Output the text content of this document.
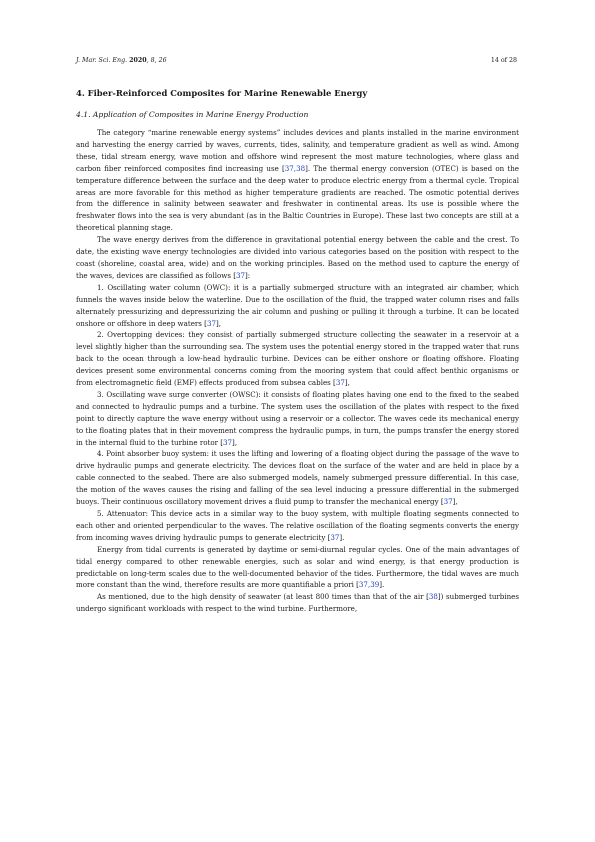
J. Mar. Sci. Eng. 2020, 8, 26	14 of 28
4. Fiber-Reinforced Composites for Marine Renewable Energy
4.1. Application of Composites in Marine Energy Production

The category “marine renewable energy systems” includes devices and plants installed in the marine environment and harvesting the energy carried by waves, currents, tides, salinity, and temperature gradient as well as wind. Among these, tidal stream energy, wave motion and offshore wind represent the most mature technologies, where glass and carbon fiber reinforced composites find increasing use [37,38]. The thermal energy conversion (OTEC) is based on the temperature difference between the surface and the deep water to produce electric energy from a thermal cycle. Tropical areas are more favorable for this method as higher temperature gradients are reached. The osmotic potential derives from the difference in salinity between seawater and freshwater in continental areas. Its use is possible where the freshwater flows into the sea is very abundant (as in the Baltic Countries in Europe). These last two concepts are still at a theoretical planning stage.

The wave energy derives from the difference in gravitational potential energy between the cable and the crest. To date, the existing wave energy technologies are divided into various categories based on the position with respect to the coast (shoreline, coastal area, wide) and on the working principles. Based on the method used to capture the energy of the waves, devices are classified as follows [37]:

1. Oscillating water column (OWC): it is a partially submerged structure with an integrated air chamber, which funnels the waves inside below the waterline. Due to the oscillation of the fluid, the trapped water column rises and falls alternately pressurizing and depressurizing the air column and pushing or pulling it through a turbine. It can be located onshore or offshore in deep waters [37],

2. Overtopping devices: they consist of partially submerged structure collecting the seawater in a reservoir at a level slightly higher than the surrounding sea. The system uses the potential energy stored in the trapped water that runs back to the ocean through a low-head hydraulic turbine. Devices can be either onshore or floating offshore. Floating devices present some environmental concerns coming from the mooring system that could affect benthic organisms or from electromagnetic field (EMF) effects produced from subsea cables [37],

3. Oscillating wave surge converter (OWSC): it consists of floating plates having one end to the fixed to the seabed and connected to hydraulic pumps and a turbine. The system uses the oscillation of the plates with respect to the fixed point to directly capture the wave energy without using a reservoir or a collector. The waves cede its mechanical energy to the floating plates that in their movement compress the hydraulic pumps, in turn, the pumps transfer the energy stored in the internal fluid to the turbine rotor [37],

4. Point absorber buoy system: it uses the lifting and lowering of a floating object during the passage of the wave to drive hydraulic pumps and generate electricity. The devices float on the surface of the water and are held in place by a cable connected to the seabed. There are also submerged models, namely submerged pressure differential. In this case, the motion of the waves causes the rising and falling of the sea level inducing a pressure differential in the submerged buoys. Their continuous oscillatory movement drives a fluid pump to transfer the mechanical energy [37],

5. Attenuator: This device acts in a similar way to the buoy system, with multiple floating segments connected to each other and oriented perpendicular to the waves. The relative oscillation of the floating segments converts the energy from incoming waves driving hydraulic pumps to generate electricity [37].

Energy from tidal currents is generated by daytime or semi-diurnal regular cycles. One of the main advantages of tidal energy compared to other renewable energies, such as solar and wind energy, is that energy production is predictable on long-term scales due to the well-documented behavior of the tides. Furthermore, the tidal waves are much more constant than the wind, therefore results are more quantifiable a priori [37,39].

As mentioned, due to the high density of seawater (at least 800 times than that of the air [38]) submerged turbines undergo significant workloads with respect to the wind turbine. Furthermore,
